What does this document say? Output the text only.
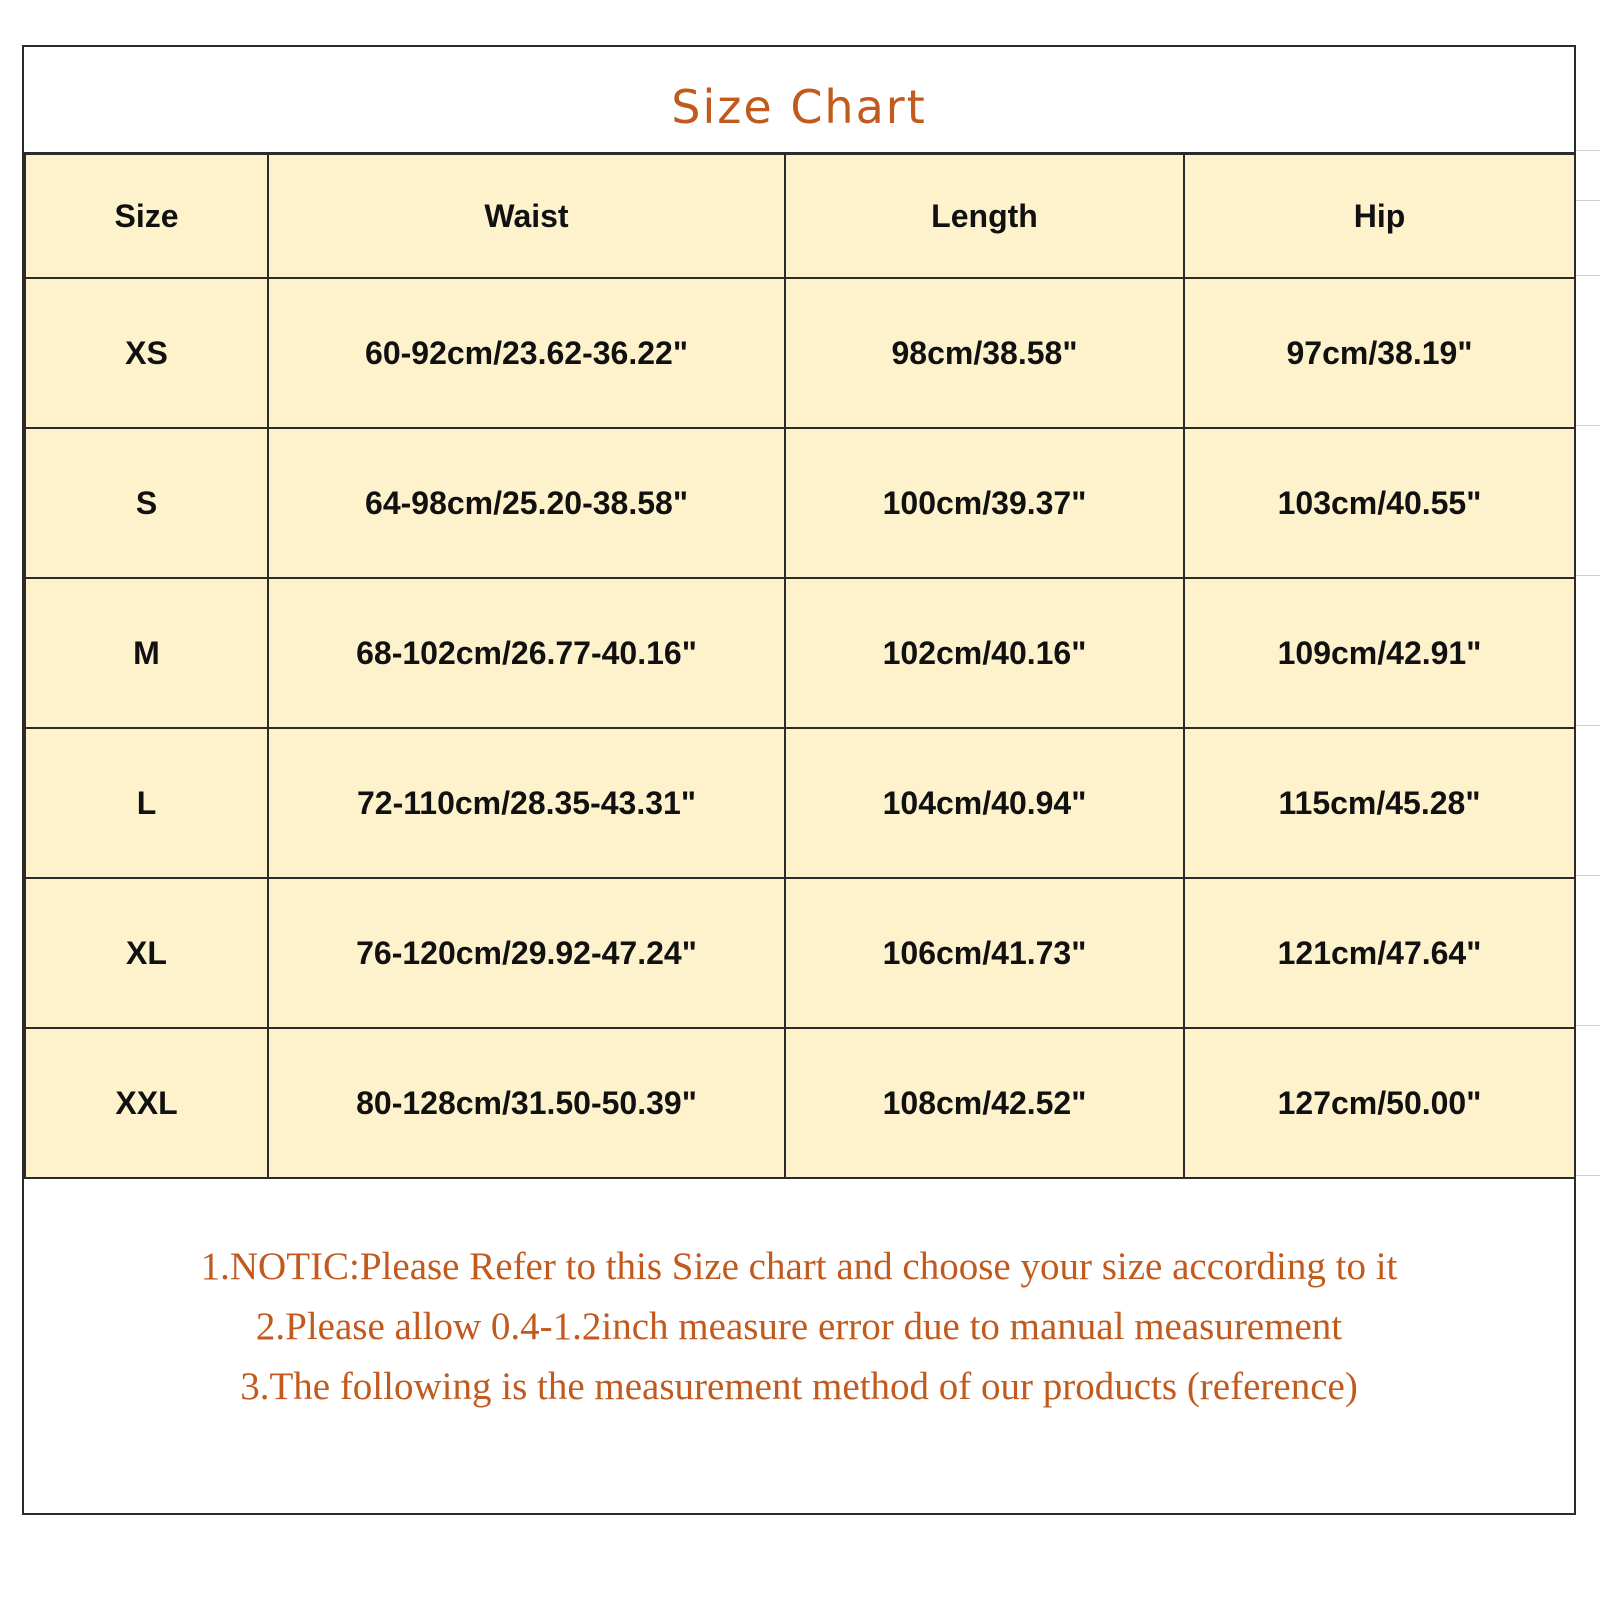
Size Chart
Size	Waist	Length	Hip
XS	60-92cm/23.62-36.22"	98cm/38.58"	97cm/38.19"
S	64-98cm/25.20-38.58"	100cm/39.37"	103cm/40.55"
M	68-102cm/26.77-40.16"	102cm/40.16"	109cm/42.91"
L	72-110cm/28.35-43.31"	104cm/40.94"	115cm/45.28"
XL	76-120cm/29.92-47.24"	106cm/41.73"	121cm/47.64"
XXL	80-128cm/31.50-50.39"	108cm/42.52"	127cm/50.00"
1.NOTIC:Please Refer to this Size chart and choose your size according to it
2.Please allow 0.4-1.2inch measure error due to manual measurement
3.The following is the measurement method of our products (reference)
